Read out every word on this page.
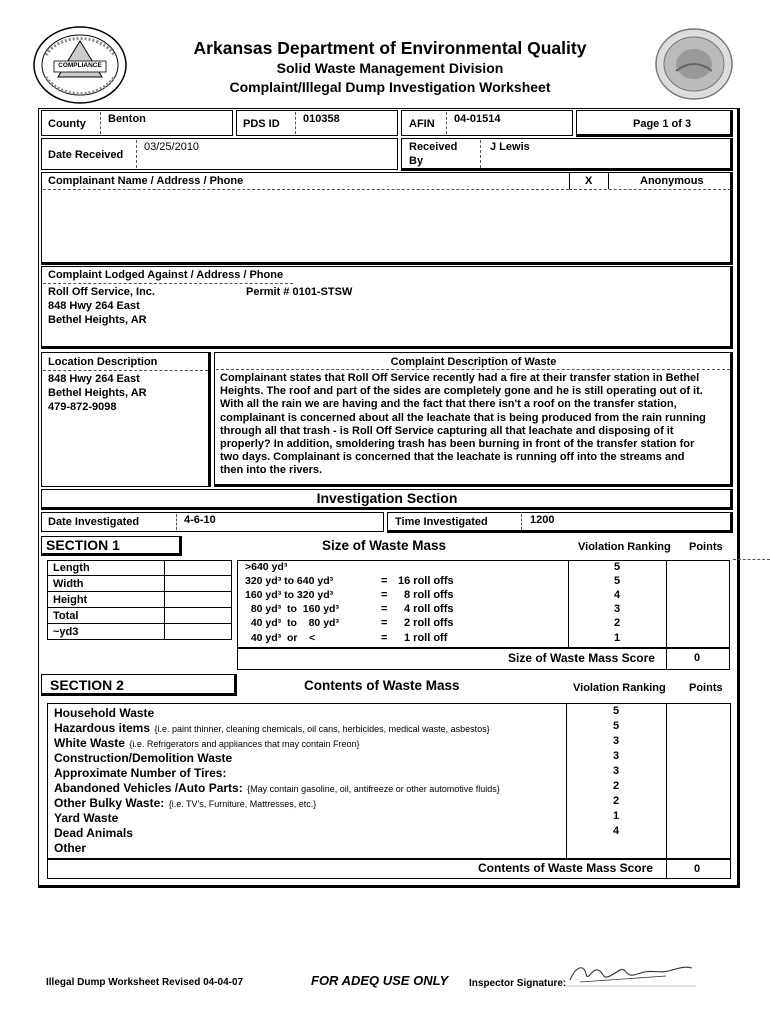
COMPLIANCE
Arkansas Department of Environmental Quality
Solid Waste Management Division
Complaint/Illegal Dump Investigation Worksheet
County Benton	PDS ID 010358	AFIN 04-01514	Page 1 of 3
Date Received
03/25/2010	Received
By
J Lewis
Complainant Name / Address / Phone	X	Anonymous
Complaint Lodged Against / Address / Phone
Roll Off Service, Inc.	Permit # 0101-STSW
848 Hwy 264 East
Bethel Heights, AR
Location Description
848 Hwy 264 East
Bethel Heights, AR
479-872-9098
Complaint Description of Waste
Complainant states that Roll Off Service recently had a fire at their transfer station in Bethel
Heights. The roof and part of the sides are completely gone and he is still operating out of it.
With all the rain we are having and the fact that there isn't a roof on the transfer station,
complainant is concerned about all the leachate that is being produced from the rain running
through all that trash - is Roll Off Service capturing all that leachate and disposing of it
properly? In addition, smoldering trash has been burning in front of the transfer station for
two days. Complainant is concerned that the leachate is running off into the streams and
then into the rivers.
Investigation Section
Date Investigated	4-6-10	Time Investigated	1200
SECTION 1	Size of Waste Mass	Violation Ranking Points
Length
Width
Height
Total
~yd3
>640 yd³	5
320 yd³ to 640 yd³	= 16 roll offs	5
160 yd³ to 320 yd³	= 8 roll offs	4
80 yd³  to  160 yd³	= 4 roll offs	3
40 yd³  to    80 yd³	= 2 roll offs	2
40 yd³  or    <	= 1 roll off	1
Size of Waste Mass Score	0
SECTION 2	Contents of Waste Mass	Violation Ranking Points
Household Waste	5
Hazardous items {i.e. paint thinner, cleaning chemicals, oil cans, herbicides, medical waste, asbestos}	5
White Waste {i.e. Refrigerators and appliances that may contain Freon}	3
Construction/Demolition Waste	3
Approximate Number of Tires:	3
Abandoned Vehicles /Auto Parts: {May contain gasoline, oil, antifreeze or other automotive fluids}	2
Other Bulky Waste: {i.e. TV's, Furniture, Mattresses, etc.}	2
Yard Waste	1
Dead Animals	4
Other
Contents of Waste Mass Score	0
Illegal Dump Worksheet Revised 04-04-07	FOR ADEQ USE ONLY Inspector Signature:
